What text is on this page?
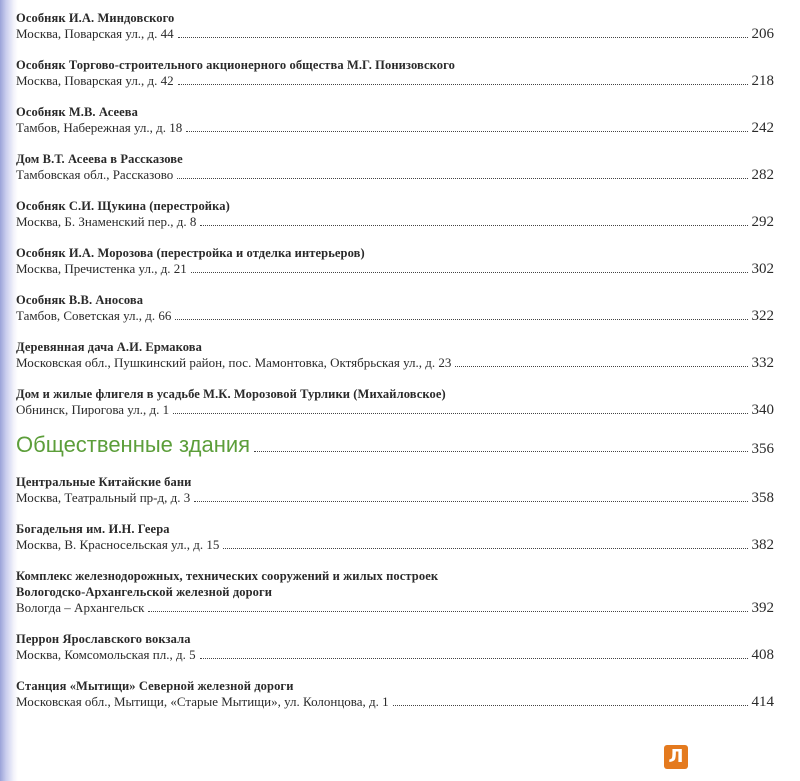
Особняк И.А. Миндовского
Москва, Поварская ул., д. 44	206
Особняк Торгово-строительного акционерного общества М.Г. Понизовского
Москва, Поварская ул., д. 42	218
Особняк М.В. Асеева
Тамбов, Набережная ул., д. 18	242
Дом В.Т. Асеева в Рассказове
Тамбовская обл., Рассказово	282
Особняк С.И. Щукина (перестройка)
Москва, Б. Знаменский пер., д. 8	292
Особняк И.А. Морозова (перестройка и отделка интерьеров)
Москва, Пречистенка ул., д. 21	302
Особняк В.В. Аносова
Тамбов, Советская ул., д. 66	322
Деревянная дача А.И. Ермакова
Московская обл., Пушкинский район, пос. Мамонтовка, Октябрьская ул., д. 23	332
Дом и жилые флигеля в усадьбе М.К. Морозовой Турлики (Михайловское)
Обнинск, Пирогова ул., д. 1	340
Общественные здания	356
Центральные Китайские бани
Москва, Театральный пр-д, д. 3	358
Богадельня им. И.Н. Геера
Москва, В. Красносельская ул., д. 15	382
Комплекс железнодорожных, технических сооружений и жилых построек
Вологодско-Архангельской железной дороги
Вологда – Архангельск	392
Перрон Ярославского вокзала
Москва, Комсомольская пл., д. 5	408
Станция «Мытищи» Северной железной дороги
Московская обл., Мытищи, «Старые Мытищи», ул. Колонцова, д. 1	414
Л
